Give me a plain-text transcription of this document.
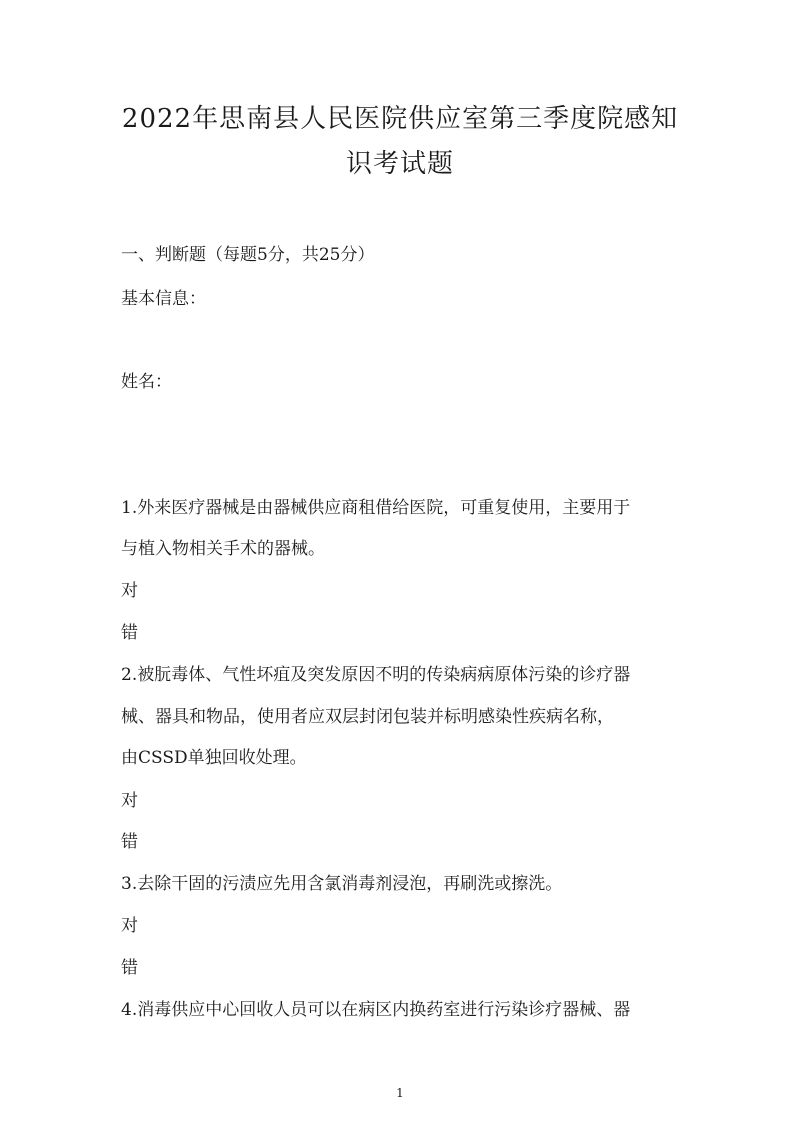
2022年思南县人民医院供应室第三季度院感知
识考试题
一、判断题（每题5分，共25分）
基本信息：
姓名：
1.外来医疗器械是由器械供应商租借给医院，可重复使用，主要用于
与植入物相关手术的器械。
对
错
2.被朊毒体、气性坏疽及突发原因不明的传染病病原体污染的诊疗器
械、器具和物品，使用者应双层封闭包装并标明感染性疾病名称，
由CSSD单独回收处理。
对
错
3.去除干固的污渍应先用含氯消毒剂浸泡，再刷洗或擦洗。
对
错
4.消毒供应中心回收人员可以在病区内换药室进行污染诊疗器械、器
1
